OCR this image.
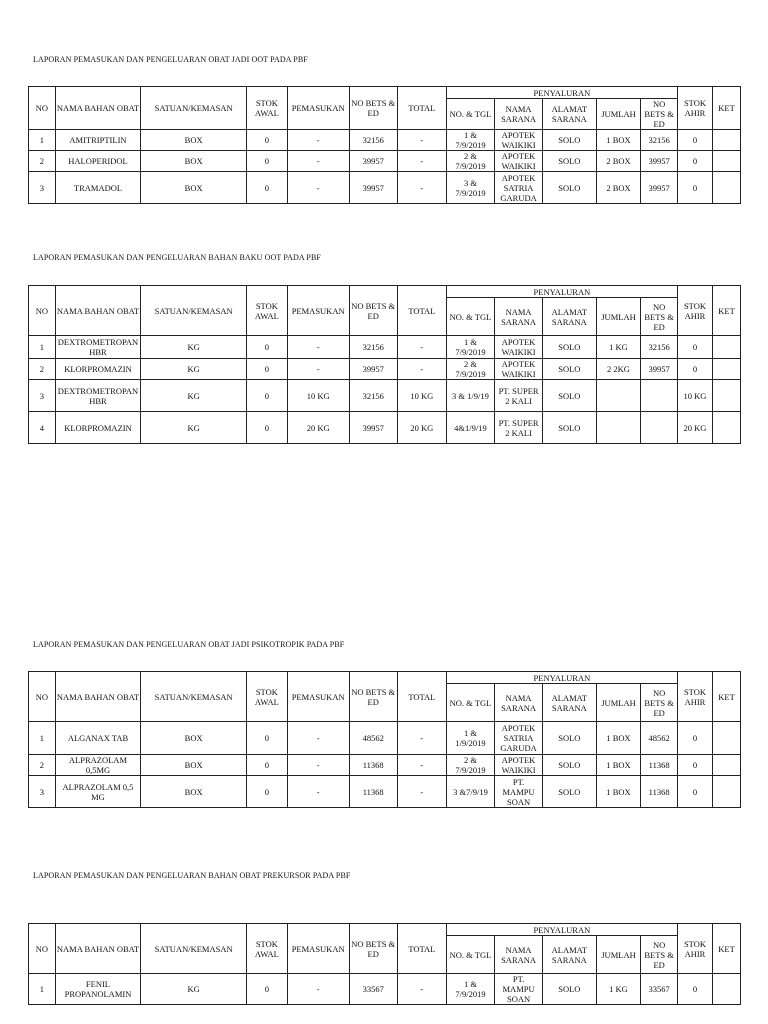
LAPORAN PEMASUKAN DAN PENGELUARAN OBAT JADI OOT PADA PBF
NO	NAMA BAHAN OBAT	SATUAN/KEMASAN	STOK AWAL	PEMASUKAN	NO BETS & ED	TOTAL	PENYALURAN					STOK AHIR	KET
							NO. & TGL	NAMA SARANA	ALAMAT SARANA	JUMLAH	NO BETS & ED		
1	AMITRIPTILIN	BOX	0	-	32156	-	1 & 7/9/2019	APOTEK WAIKIKI	SOLO	1 BOX	32156	0	
2	HALOPERIDOL	BOX	0	-	39957	-	2 & 7/9/2019	APOTEK WAIKIKI	SOLO	2 BOX	39957	0	
3	TRAMADOL	BOX	0	-	39957	-	3 & 7/9/2019	APOTEK SATRIA GARUDA	SOLO	2 BOX	39957	0	
LAPORAN PEMASUKAN DAN PENGELUARAN BAHAN BAKU OOT PADA PBF
NO	NAMA BAHAN OBAT	SATUAN/KEMASAN	STOK AWAL	PEMASUKAN	NO BETS & ED	TOTAL	PENYALURAN					STOK AHIR	KET
							NO. & TGL	NAMA SARANA	ALAMAT SARANA	JUMLAH	NO BETS & ED		
1	DEXTROMETROPAN HBR	KG	0	-	32156	-	1 & 7/9/2019	APOTEK WAIKIKI	SOLO	1 KG	32156	0	
2	KLORPROMAZIN	KG	0	-	39957	-	2 & 7/9/2019	APOTEK WAIKIKI	SOLO	2 2KG	39957	0	
3	DEXTROMETROPAN HBR	KG	0	10 KG	32156	10 KG	3 & 1/9/19	PT. SUPER 2 KALI	SOLO			10 KG	
4	KLORPROMAZIN	KG	0	20 KG	39957	20 KG	4&1/9/19	PT. SUPER 2 KALI	SOLO			20 KG	
LAPORAN PEMASUKAN DAN PENGELUARAN OBAT JADI PSIKOTROPIK PADA PBF
NO	NAMA BAHAN OBAT	SATUAN/KEMASAN	STOK AWAL	PEMASUKAN	NO BETS & ED	TOTAL	PENYALURAN					STOK AHIR	KET
							NO. & TGL	NAMA SARANA	ALAMAT SARANA	JUMLAH	NO BETS & ED		
1	ALGANAX TAB	BOX	0	-	48562	-	1 & 1/9/2019	APOTEK SATRIA GARUDA	SOLO	1 BOX	48562	0	
2	ALPRAZOLAM 0,5MG	BOX	0	-	11368	-	2 & 7/9/2019	APOTEK WAIKIKI	SOLO	1 BOX	11368	0	
3	ALPRAZOLAM 0,5 MG	BOX	0	-	11368	-	3 &7/9/19	PT. MAMPU SOAN	SOLO	1 BOX	11368	0	
LAPORAN PEMASUKAN DAN PENGELUARAN BAHAN OBAT PREKURSOR PADA PBF
NO	NAMA BAHAN OBAT	SATUAN/KEMASAN	STOK AWAL	PEMASUKAN	NO BETS & ED	TOTAL	PENYALURAN					STOK AHIR	KET
							NO. & TGL	NAMA SARANA	ALAMAT SARANA	JUMLAH	NO BETS & ED		
1	FENIL PROPANOLAMIN	KG	0	-	33567	-	1 & 7/9/2019	PT. MAMPU SOAN	SOLO	1 KG	33567	0	
